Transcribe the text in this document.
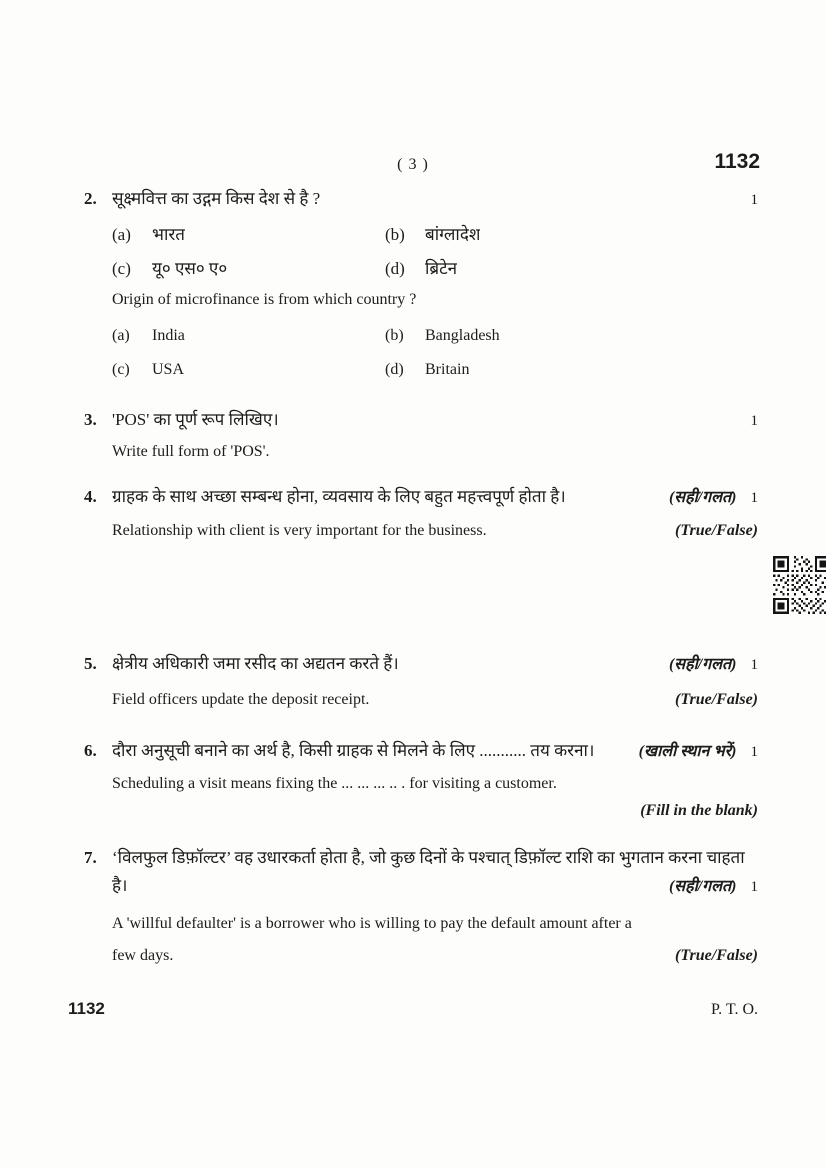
( 3 )	1132
2. सूक्ष्मवित्त का उद्गम किस देश से है ?	1
(a)	भारत	(b)	बांग्लादेश
(c)	यू० एस० ए०	(d)	ब्रिटेन
Origin of microfinance is from which country ?
(a)	India	(b)	Bangladesh
(c)	USA	(d)	Britain
3. 'POS' का पूर्ण रूप लिखिए।	1
Write full form of 'POS'.
4. ग्राहक के साथ अच्छा सम्बन्ध होना, व्यवसाय के लिए बहुत महत्त्वपूर्ण होता है।	(सही/गलत) 1
Relationship with client is very important for the business.	(True/False)
5. क्षेत्रीय अधिकारी जमा रसीद का अद्यतन करते हैं।	(सही/गलत) 1
Field officers update the deposit receipt.	(True/False)
6. दौरा अनुसूची बनाने का अर्थ है, किसी ग्राहक से मिलने के लिए ........... तय करना।	(खाली स्थान भरें) 1
Scheduling a visit means fixing the ... ... ... .. . for visiting a customer.
(Fill in the blank)
7. ‘विलफुल डिफ़ॉल्टर’ वह उधारकर्ता होता है, जो कुछ दिनों के पश्चात् डिफ़ॉल्ट राशि का भुगतान करना चाहता
है।	(सही/गलत) 1
A 'willful defaulter' is a borrower who is willing to pay the default amount after a
few days.	(True/False)
1132	P. T. O.
